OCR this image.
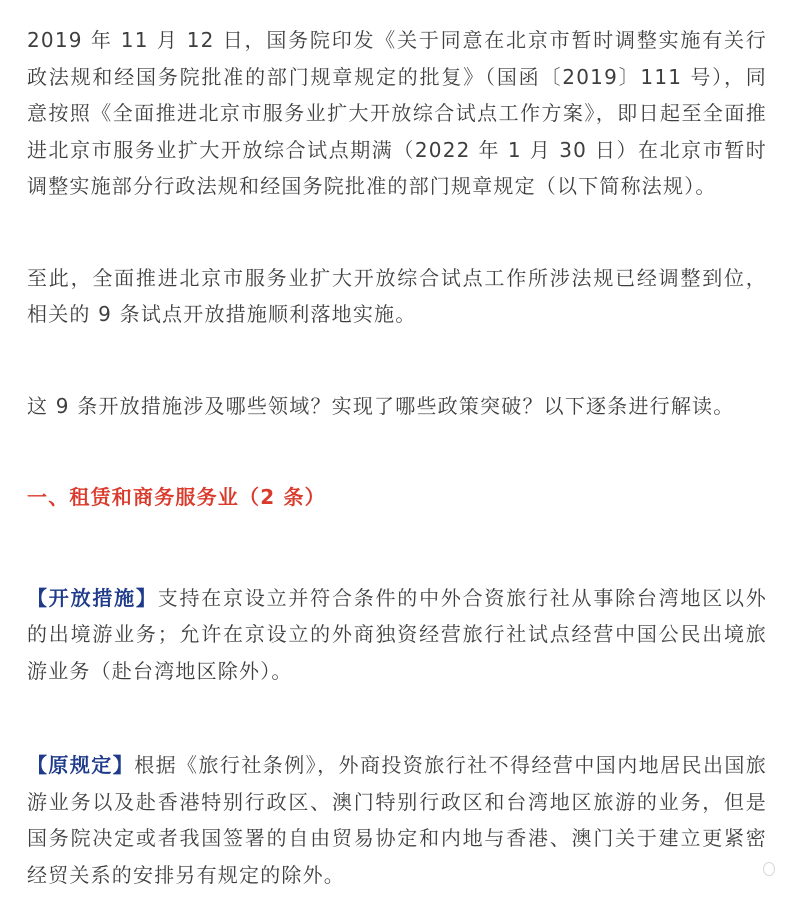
2019 年 11 月 12 日，国务院印发《关于同意在北京市暂时调整实施有关行政法规和经国务院批准的部门规章规定的批复》（国函〔2019〕111 号），同意按照《全面推进北京市服务业扩大开放综合试点工作方案》，即日起至全面推进北京市服务业扩大开放综合试点期满（2022 年 1 月 30 日）在北京市暂时调整实施部分行政法规和经国务院批准的部门规章规定（以下简称法规）。

至此，全面推进北京市服务业扩大开放综合试点工作所涉法规已经调整到位，相关的 9 条试点开放措施顺利落地实施。

这 9 条开放措施涉及哪些领域？实现了哪些政策突破？以下逐条进行解读。

一、租赁和商务服务业（2 条）

【开放措施】支持在京设立并符合条件的中外合资旅行社从事除台湾地区以外的出境游业务；允许在京设立的外商独资经营旅行社试点经营中国公民出境旅游业务（赴台湾地区除外）。

【原规定】根据《旅行社条例》，外商投资旅行社不得经营中国内地居民出国旅游业务以及赴香港特别行政区、澳门特别行政区和台湾地区旅游的业务，但是国务院决定或者我国签署的自由贸易协定和内地与香港、澳门关于建立更紧密经贸关系的安排另有规定的除外。
